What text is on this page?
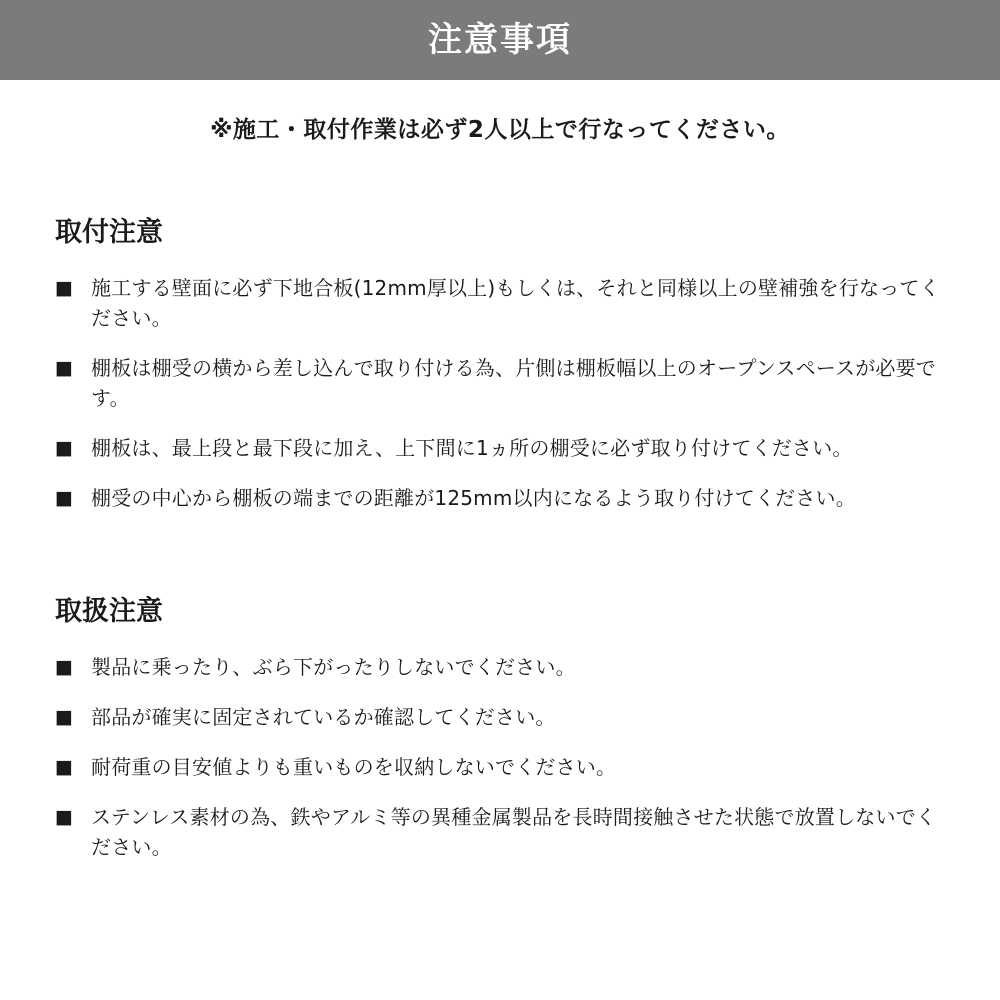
注意事項
※施工・取付作業は必ず2人以上で行なってください。
取付注意
■ 施工する壁面に必ず下地合板(12mm厚以上)もしくは、それと同様以上の壁補強を行なってください。
■ 棚板は棚受の横から差し込んで取り付ける為、片側は棚板幅以上のオープンスペースが必要です。
■ 棚板は、最上段と最下段に加え、上下間に1ヵ所の棚受に必ず取り付けてください。
■ 棚受の中心から棚板の端までの距離が125mm以内になるよう取り付けてください。
取扱注意
■ 製品に乗ったり、ぶら下がったりしないでください。
■ 部品が確実に固定されているか確認してください。
■ 耐荷重の目安値よりも重いものを収納しないでください。
■ ステンレス素材の為、鉄やアルミ等の異種金属製品を長時間接触させた状態で放置しないでください。
